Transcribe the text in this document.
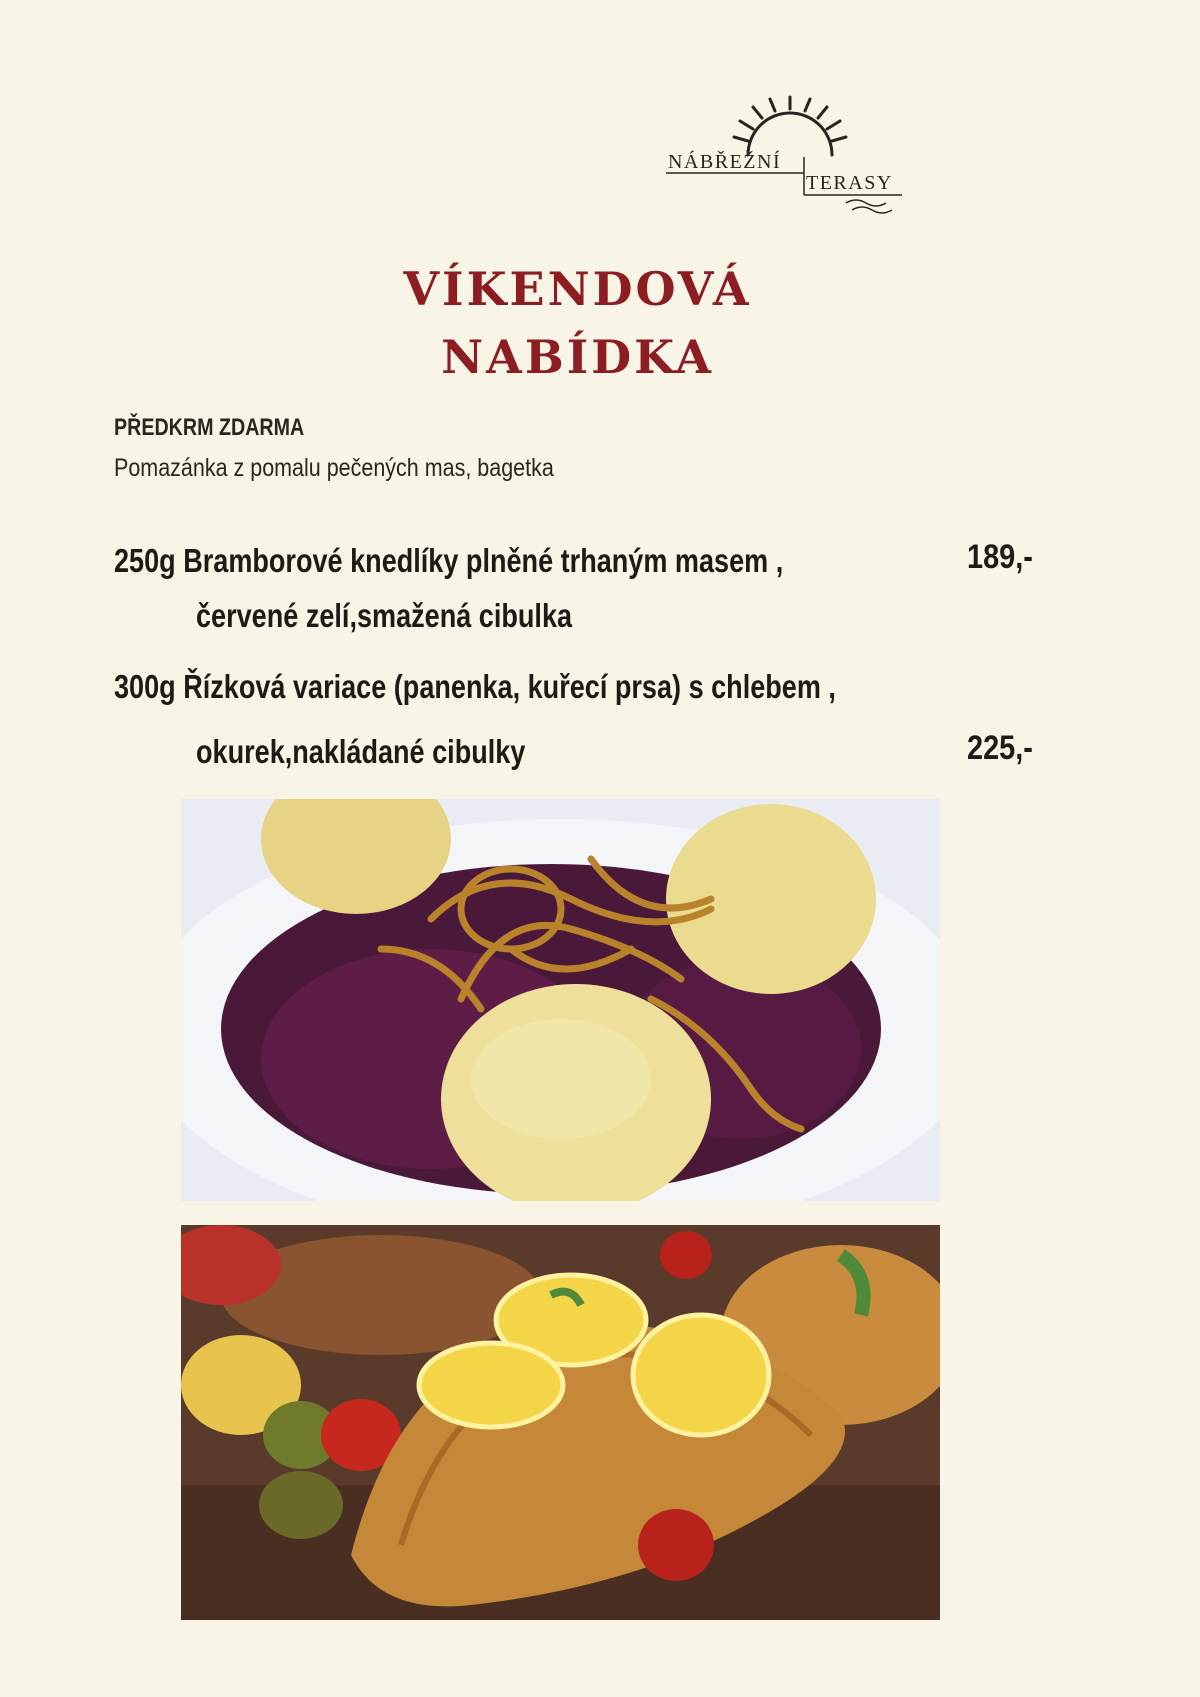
NÁBŘEŽNÍ
TERASY
VÍKENDOVÁ
NABÍDKA
PŘEDKRM ZDARMA
Pomazánka z pomalu pečených mas, bagetka
250g Bramborové knedlíky plněné trhaným masem ,
červené zelí,smažená cibulka
189,-
300g Řízková variace (panenka, kuřecí prsa) s chlebem ,
okurek,nakládané cibulky	225,-
